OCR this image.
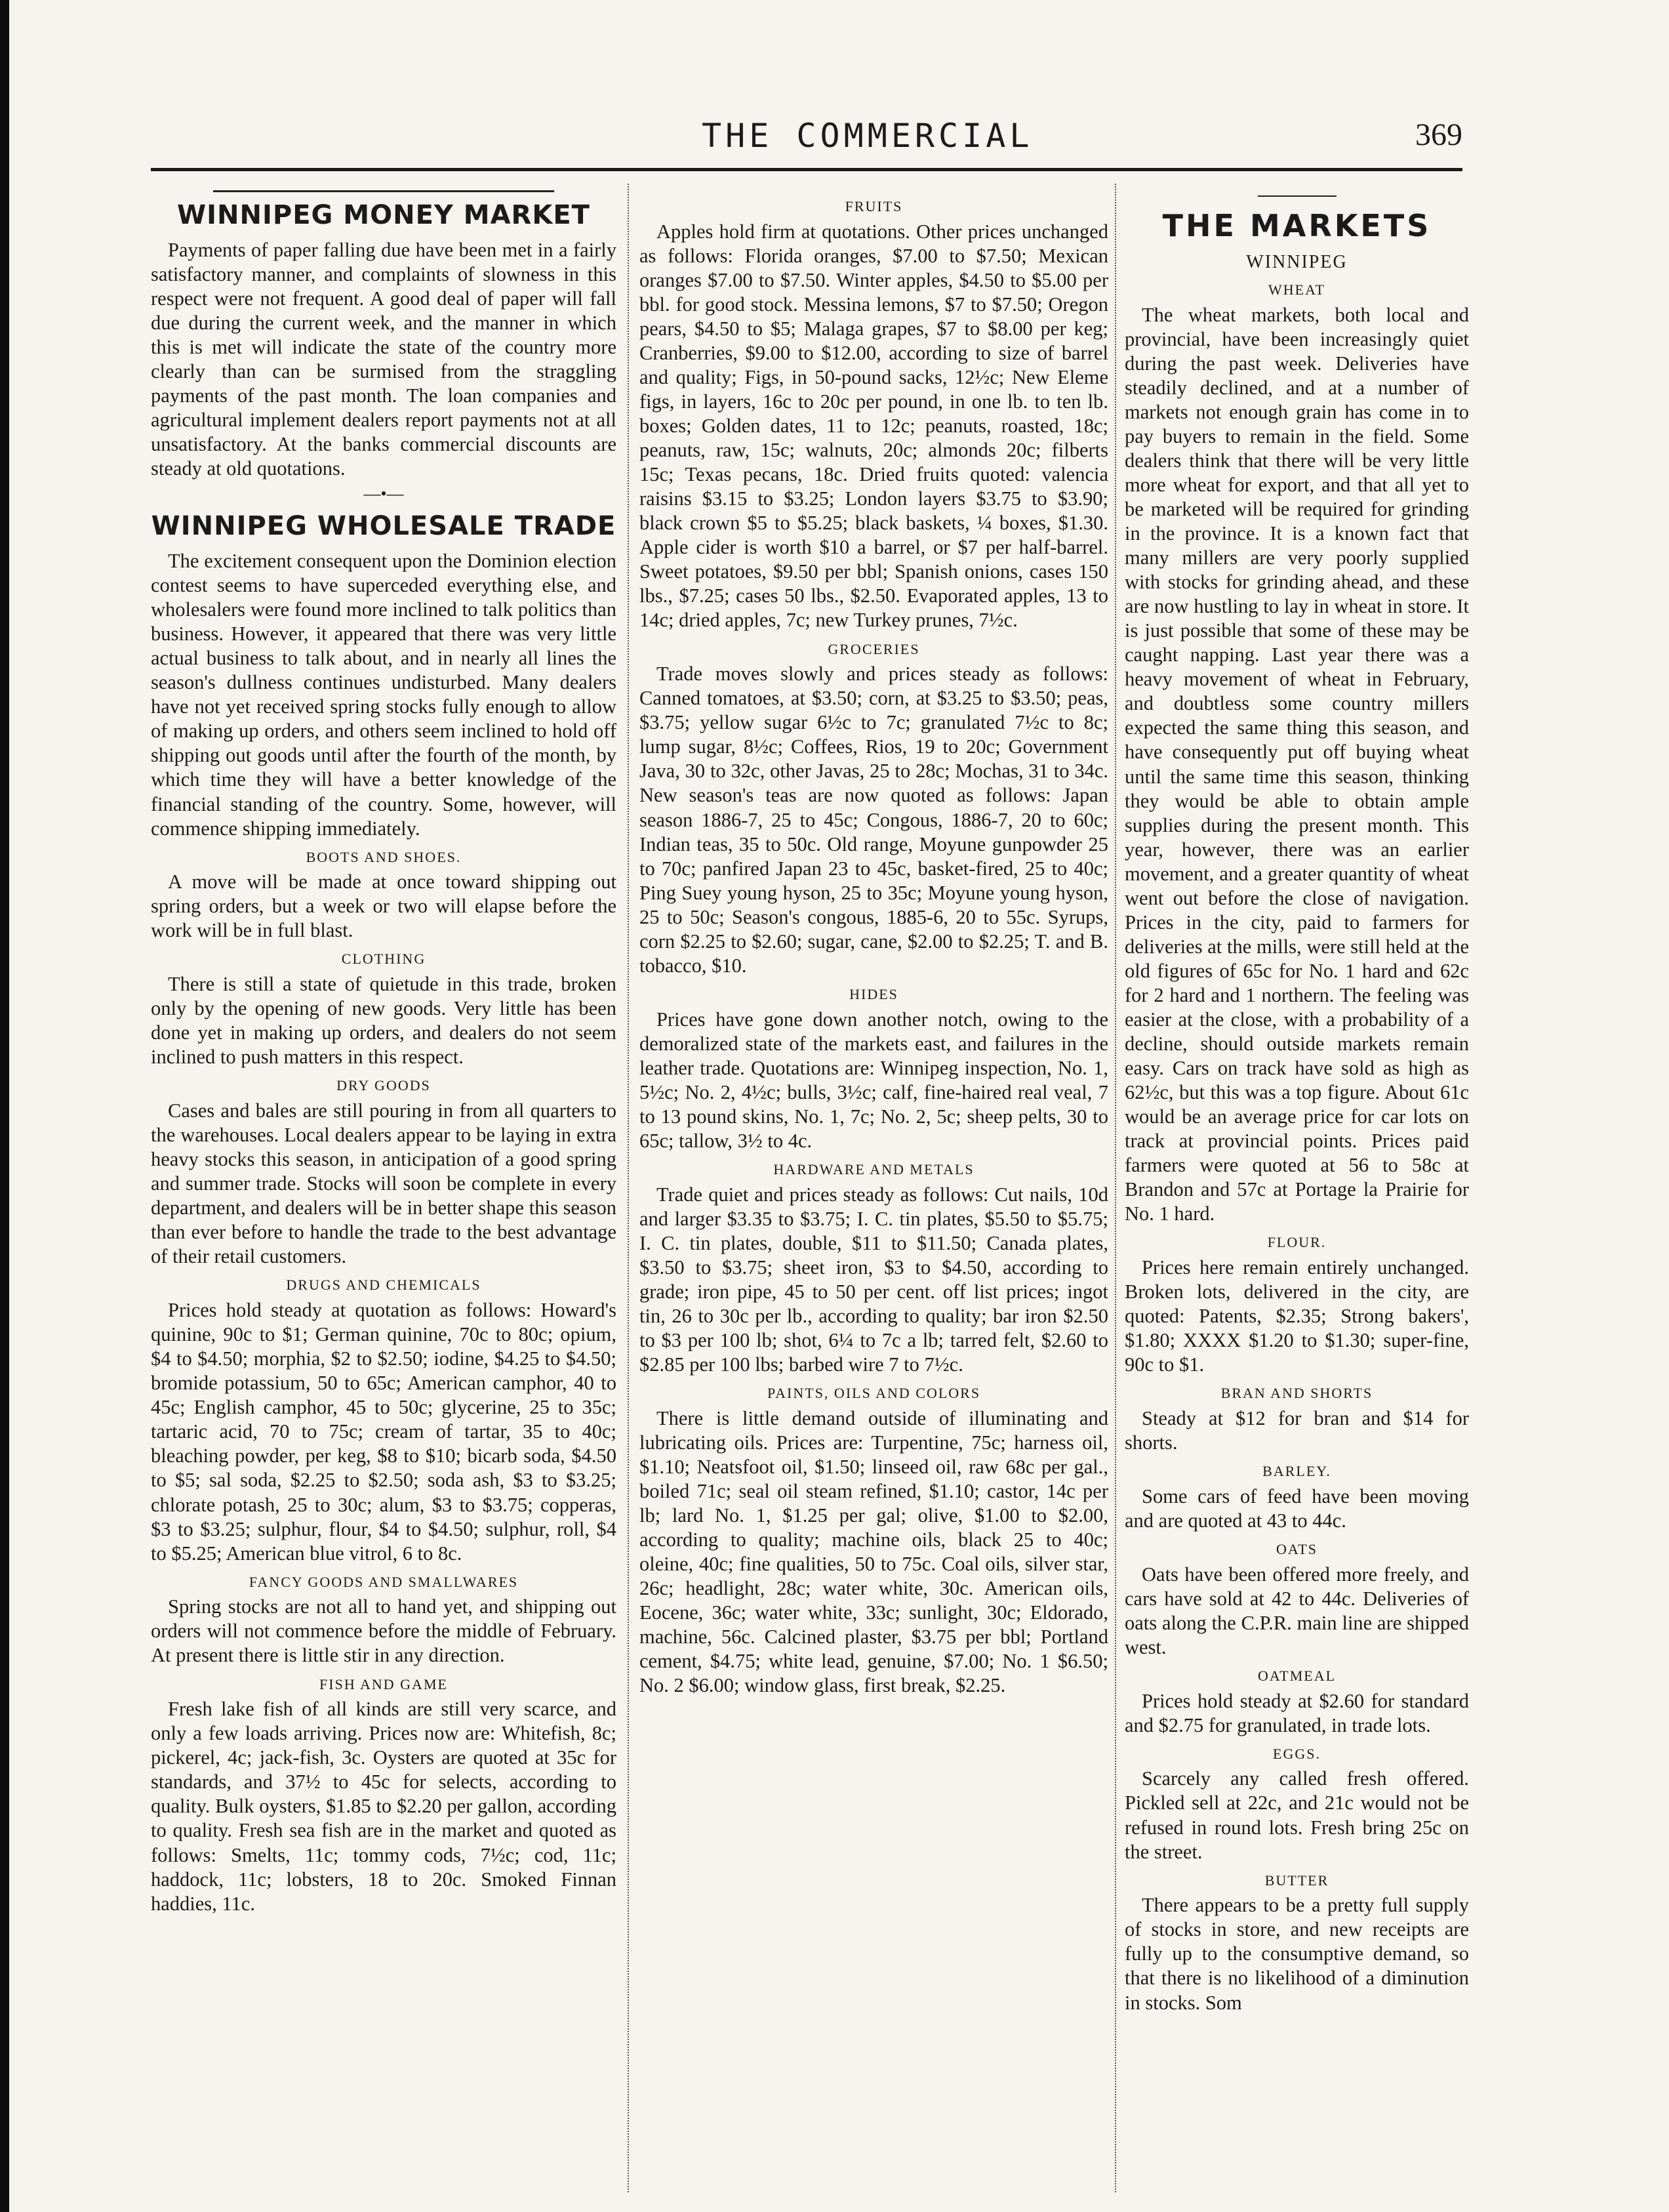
THE COMMERCIAL	369
WINNIPEG MONEY MARKET

Payments of paper falling due have been met in a fairly satisfactory manner, and complaints of slowness in this respect were not frequent. A good deal of paper will fall due during the current week, and the manner in which this is met will indicate the state of the country more clearly than can be surmised from the straggling payments of the past month. The loan companies and agricultural implement dealers report payments not at all unsatisfactory. At the banks commercial discounts are steady at old quotations.

—•—
WINNIPEG WHOLESALE TRADE

The excitement consequent upon the Dominion election contest seems to have superceded everything else, and wholesalers were found more inclined to talk politics than business. However, it appeared that there was very little actual business to talk about, and in nearly all lines the season's dullness continues undisturbed. Many dealers have not yet received spring stocks fully enough to allow of making up orders, and others seem inclined to hold off shipping out goods until after the fourth of the month, by which time they will have a better knowledge of the financial standing of the country. Some, however, will commence shipping immediately.

BOOTS AND SHOES.

A move will be made at once toward shipping out spring orders, but a week or two will elapse before the work will be in full blast.

CLOTHING

There is still a state of quietude in this trade, broken only by the opening of new goods. Very little has been done yet in making up orders, and dealers do not seem inclined to push matters in this respect.

DRY GOODS

Cases and bales are still pouring in from all quarters to the warehouses. Local dealers appear to be laying in extra heavy stocks this season, in anticipation of a good spring and summer trade. Stocks will soon be complete in every department, and dealers will be in better shape this season than ever before to handle the trade to the best advantage of their retail customers.

DRUGS AND CHEMICALS

Prices hold steady at quotation as follows: Howard's quinine, 90c to $1; German quinine, 70c to 80c; opium, $4 to $4.50; morphia, $2 to $2.50; iodine, $4.25 to $4.50; bromide potassium, 50 to 65c; American camphor, 40 to 45c; English camphor, 45 to 50c; glycerine, 25 to 35c; tartaric acid, 70 to 75c; cream of tartar, 35 to 40c; bleaching powder, per keg, $8 to $10; bicarb soda, $4.50 to $5; sal soda, $2.25 to $2.50; soda ash, $3 to $3.25; chlorate potash, 25 to 30c; alum, $3 to $3.75; copperas, $3 to $3.25; sulphur, flour, $4 to $4.50; sulphur, roll, $4 to $5.25; American blue vitrol, 6 to 8c.

FANCY GOODS AND SMALLWARES

Spring stocks are not all to hand yet, and shipping out orders will not commence before the middle of February. At present there is little stir in any direction.

FISH AND GAME

Fresh lake fish of all kinds are still very scarce, and only a few loads arriving. Prices now are: Whitefish, 8c; pickerel, 4c; jack-fish, 3c. Oysters are quoted at 35c for standards, and 37½ to 45c for selects, according to quality. Bulk oysters, $1.85 to $2.20 per gallon, according to quality. Fresh sea fish are in the market and quoted as follows: Smelts, 11c; tommy cods, 7½c; cod, 11c; haddock, 11c; lobsters, 18 to 20c. Smoked Finnan haddies, 11c.

FRUITS

Apples hold firm at quotations. Other prices unchanged as follows: Florida oranges, $7.00 to $7.50; Mexican oranges $7.00 to $7.50. Winter apples, $4.50 to $5.00 per bbl. for good stock. Messina lemons, $7 to $7.50; Oregon pears, $4.50 to $5; Malaga grapes, $7 to $8.00 per keg; Cranberries, $9.00 to $12.00, according to size of barrel and quality; Figs, in 50-pound sacks, 12½c; New Eleme figs, in layers, 16c to 20c per pound, in one lb. to ten lb. boxes; Golden dates, 11 to 12c; peanuts, roasted, 18c; peanuts, raw, 15c; walnuts, 20c; almonds 20c; filberts 15c; Texas pecans, 18c. Dried fruits quoted: valencia raisins $3.15 to $3.25; London layers $3.75 to $3.90; black crown $5 to $5.25; black baskets, ¼ boxes, $1.30. Apple cider is worth $10 a barrel, or $7 per half-barrel. Sweet potatoes, $9.50 per bbl; Spanish onions, cases 150 lbs., $7.25; cases 50 lbs., $2.50. Evaporated apples, 13 to 14c; dried apples, 7c; new Turkey prunes, 7½c.

GROCERIES

Trade moves slowly and prices steady as follows: Canned tomatoes, at $3.50; corn, at $3.25 to $3.50; peas, $3.75; yellow sugar 6½c to 7c; granulated 7½c to 8c; lump sugar, 8½c; Coffees, Rios, 19 to 20c; Government Java, 30 to 32c, other Javas, 25 to 28c; Mochas, 31 to 34c. New season's teas are now quoted as follows: Japan season 1886-7, 25 to 45c; Congous, 1886-7, 20 to 60c; Indian teas, 35 to 50c. Old range, Moyune gunpowder 25 to 70c; panfired Japan 23 to 45c, basket-fired, 25 to 40c; Ping Suey young hyson, 25 to 35c; Moyune young hyson, 25 to 50c; Season's congous, 1885-6, 20 to 55c. Syrups, corn $2.25 to $2.60; sugar, cane, $2.00 to $2.25; T. and B. tobacco, $10.

HIDES

Prices have gone down another notch, owing to the demoralized state of the markets east, and failures in the leather trade. Quotations are: Winnipeg inspection, No. 1, 5½c; No. 2, 4½c; bulls, 3½c; calf, fine-haired real veal, 7 to 13 pound skins, No. 1, 7c; No. 2, 5c; sheep pelts, 30 to 65c; tallow, 3½ to 4c.

HARDWARE AND METALS

Trade quiet and prices steady as follows: Cut nails, 10d and larger $3.35 to $3.75; I. C. tin plates, $5.50 to $5.75; I. C. tin plates, double, $11 to $11.50; Canada plates, $3.50 to $3.75; sheet iron, $3 to $4.50, according to grade; iron pipe, 45 to 50 per cent. off list prices; ingot tin, 26 to 30c per lb., according to quality; bar iron $2.50 to $3 per 100 lb; shot, 6¼ to 7c a lb; tarred felt, $2.60 to $2.85 per 100 lbs; barbed wire 7 to 7½c.

PAINTS, OILS AND COLORS

There is little demand outside of illuminating and lubricating oils. Prices are: Turpentine, 75c; harness oil, $1.10; Neatsfoot oil, $1.50; linseed oil, raw 68c per gal., boiled 71c; seal oil steam refined, $1.10; castor, 14c per lb; lard No. 1, $1.25 per gal; olive, $1.00 to $2.00, according to quality; machine oils, black 25 to 40c; oleine, 40c; fine qualities, 50 to 75c. Coal oils, silver star, 26c; headlight, 28c; water white, 30c. American oils, Eocene, 36c; water white, 33c; sunlight, 30c; Eldorado, machine, 56c. Calcined plaster, $3.75 per bbl; Portland cement, $4.75; white lead, genuine, $7.00; No. 1 $6.50; No. 2 $6.00; window glass, first break, $2.25.

THE MARKETS
WINNIPEG
WHEAT

The wheat markets, both local and provincial, have been increasingly quiet during the past week. Deliveries have steadily declined, and at a number of markets not enough grain has come in to pay buyers to remain in the field. Some dealers think that there will be very little more wheat for export, and that all yet to be marketed will be required for grinding in the province. It is a known fact that many millers are very poorly supplied with stocks for grinding ahead, and these are now hustling to lay in wheat in store. It is just possible that some of these may be caught napping. Last year there was a heavy movement of wheat in February, and doubtless some country millers expected the same thing this season, and have consequently put off buying wheat until the same time this season, thinking they would be able to obtain ample supplies during the present month. This year, however, there was an earlier movement, and a greater quantity of wheat went out before the close of navigation. Prices in the city, paid to farmers for deliveries at the mills, were still held at the old figures of 65c for No. 1 hard and 62c for 2 hard and 1 northern. The feeling was easier at the close, with a probability of a decline, should outside markets remain easy. Cars on track have sold as high as 62½c, but this was a top figure. About 61c would be an average price for car lots on track at provincial points. Prices paid farmers were quoted at 56 to 58c at Brandon and 57c at Portage la Prairie for No. 1 hard.

FLOUR.

Prices here remain entirely unchanged. Broken lots, delivered in the city, are quoted: Patents, $2.35; Strong bakers', $1.80; XXXX $1.20 to $1.30; super-fine, 90c to $1.

BRAN AND SHORTS

Steady at $12 for bran and $14 for shorts.

BARLEY.

Some cars of feed have been moving and are quoted at 43 to 44c.

OATS

Oats have been offered more freely, and cars have sold at 42 to 44c. Deliveries of oats along the C.P.R. main line are shipped west.

OATMEAL

Prices hold steady at $2.60 for standard and $2.75 for granulated, in trade lots.

EGGS.

Scarcely any called fresh offered. Pickled sell at 22c, and 21c would not be refused in round lots. Fresh bring 25c on the street.

BUTTER

There appears to be a pretty full supply of stocks in store, and new receipts are fully up to the consumptive demand, so that there is no likelihood of a diminution in stocks. Som
